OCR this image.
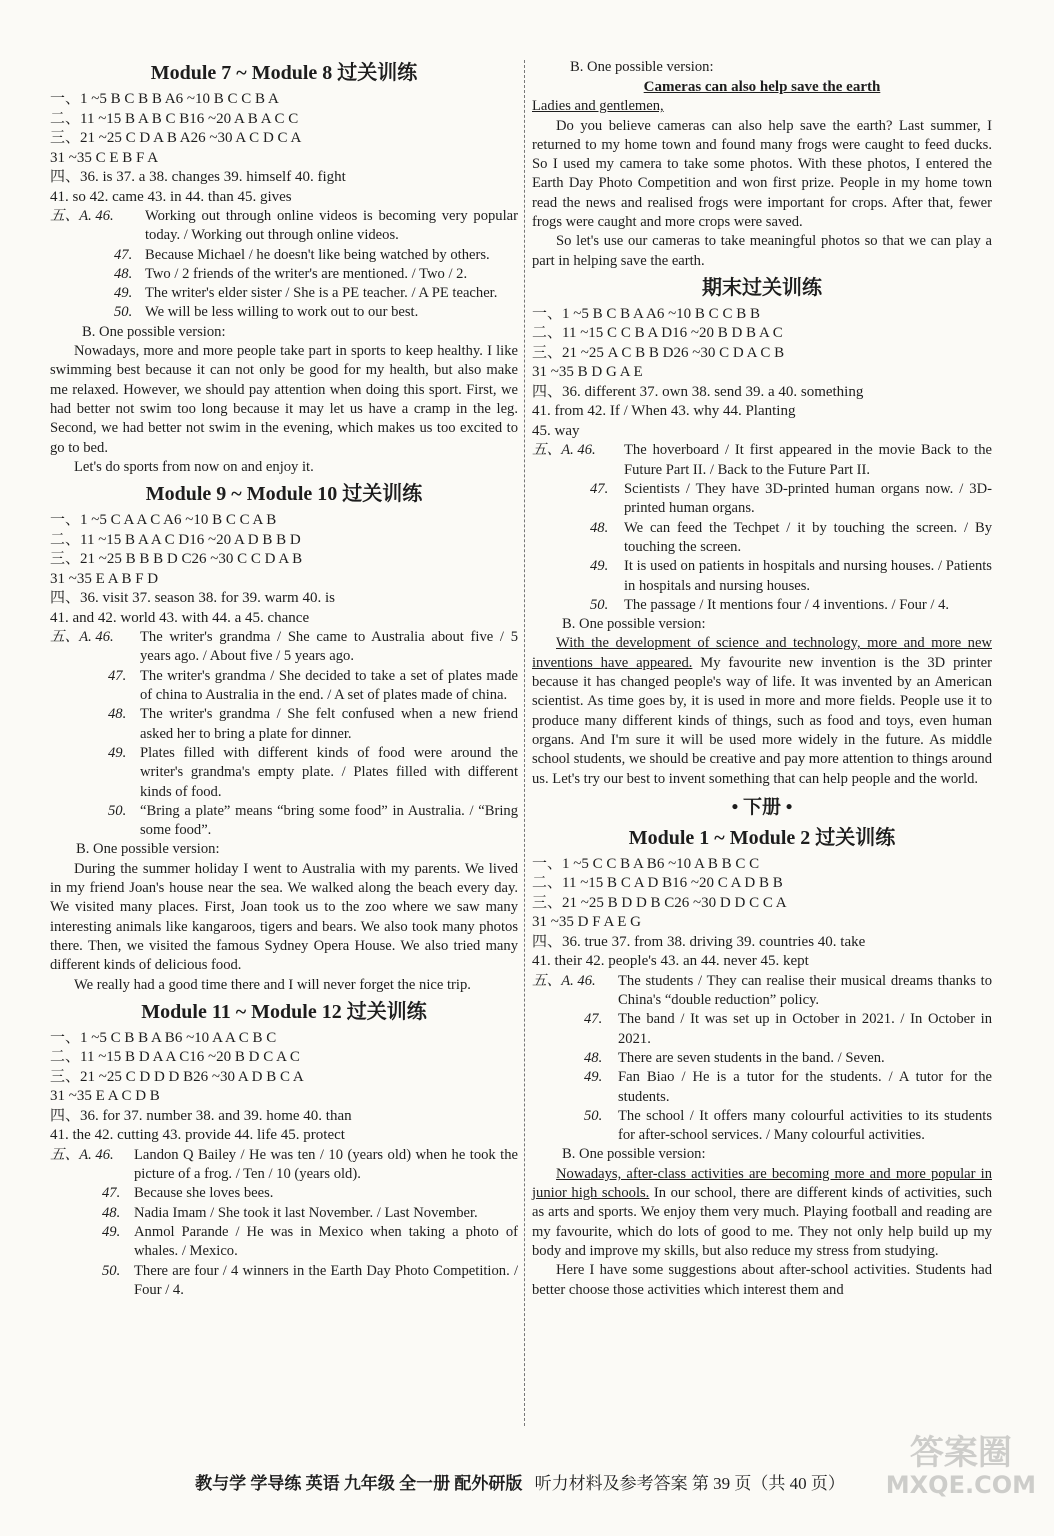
Module 7 ~ Module 8 过关训练
一、1 ~5 B C B B A6 ~10 B C C B A
二、11 ~15 B A B C B16 ~20 A B A C C
三、21 ~25 C D A B A26 ~30 A C D C A
31 ~35 C E B F A
四、36. is 37. a 38. changes 39. himself 40. fight
41. so 42. came 43. in 44. than 45. gives
五、A. 46.	Working out through online videos is becoming very popular today. / Working out through online videos.
47. Because Michael / he doesn't like being watched by others.
48. Two / 2 friends of the writer's are mentioned. / Two / 2.
49. The writer's elder sister / She is a PE teacher. / A PE teacher.
50. We will be less willing to work out to our best.

B. One possible version:

Nowadays, more and more people take part in sports to keep healthy. I like swimming best because it can not only be good for my health, but also make me relaxed. However, we should pay attention when doing this sport. First, we had better not swim too long because it may let us have a cramp in the leg. Second, we had better not swim in the evening, which makes us too excited to go to bed.

Let's do sports from now on and enjoy it.

Module 9 ~ Module 10 过关训练
一、1 ~5 C A A C A6 ~10 B C C A B
二、11 ~15 B A A C D16 ~20 A D B B D
三、21 ~25 B B B D C26 ~30 C C D A B
31 ~35 E A B F D
四、36. visit 37. season 38. for 39. warm 40. is
41. and 42. world 43. with 44. a 45. chance
五、A. 46.	The writer's grandma / She came to Australia about five / 5 years ago. / About five / 5 years ago.
47. The writer's grandma / She decided to take a set of plates made of china to Australia in the end. / A set of plates made of china.
48. The writer's grandma / She felt confused when a new friend asked her to bring a plate for dinner.
49. Plates filled with different kinds of food were around the writer's grandma's empty plate. / Plates filled with different kinds of food.
50. “Bring a plate” means “bring some food” in Australia. / “Bring some food”.

B. One possible version:

During the summer holiday I went to Australia with my parents. We lived in my friend Joan's house near the sea. We walked along the beach every day. We visited many places. First, Joan took us to the zoo where we saw many interesting animals like kangaroos, tigers and bears. We also took many photos there. Then, we visited the famous Sydney Opera House. We also tried many different kinds of delicious food.

We really had a good time there and I will never forget the nice trip.

Module 11 ~ Module 12 过关训练
一、1 ~5 C B B A B6 ~10 A A C B C
二、11 ~15 B D A A C16 ~20 B D C A C
三、21 ~25 C D D D B26 ~30 A D B C A
31 ~35 E A C D B
四、36. for 37. number 38. and 39. home 40. than
41. the 42. cutting 43. provide 44. life 45. protect
五、A. 46.	Landon Q Bailey / He was ten / 10 (years old) when he took the picture of a frog. / Ten / 10 (years old).
47. Because she loves bees.
48. Nadia Imam / She took it last November. / Last November.
49. Anmol Parande / He was in Mexico when taking a photo of whales. / Mexico.
50. There are four / 4 winners in the Earth Day Photo Competition. / Four / 4.

B. One possible version:

Cameras can also help save the earth

Ladies and gentlemen,

Do you believe cameras can also help save the earth? Last summer, I returned to my home town and found many frogs were caught to feed ducks. So I used my camera to take some photos. With these photos, I entered the Earth Day Photo Competition and won first prize. People in my home town read the news and realised frogs were important for crops. After that, fewer frogs were caught and more crops were saved.

So let's use our cameras to take meaningful photos so that we can play a part in helping save the earth.

期末过关训练
一、1 ~5 B C B A A6 ~10 B C C B B
二、11 ~15 C C B A D16 ~20 B D B A C
三、21 ~25 A C B B D26 ~30 C D A C B
31 ~35 B D G A E
四、36. different 37. own 38. send 39. a 40. something
41. from 42. If / When 43. why 44. Planting
45. way
五、A. 46.	The hoverboard / It first appeared in the movie Back to the Future Part II. / Back to the Future Part II.
47.	Scientists / They have 3D-printed human organs now. / 3D-printed human organs.
48.	We can feed the Techpet / it by touching the screen. / By touching the screen.
49.	It is used on patients in hospitals and nursing houses. / Patients in hospitals and nursing houses.
50.	The passage / It mentions four / 4 inventions. / Four / 4.

B. One possible version:

With the development of science and technology, more and more new inventions have appeared. My favourite new invention is the 3D printer because it has changed people's way of life. It was invented by an American scientist. As time goes by, it is used in more and more fields. People use it to produce many different kinds of things, such as food and toys, even human organs. And I'm sure it will be used more widely in the future. As middle school students, we should be creative and pay more attention to things around us. Let's try our best to invent something that can help people and the world.

• 下册 •
Module 1 ~ Module 2 过关训练
一、1 ~5 C C B A B6 ~10 A B B C C
二、11 ~15 B C A D B16 ~20 C A D B B
三、21 ~25 B D D B C26 ~30 D D C C A
31 ~35 D F A E G
四、36. true 37. from 38. driving 39. countries 40. take
41. their 42. people's 43. an 44. never 45. kept
五、A. 46.	The students / They can realise their musical dreams thanks to China's “double reduction” policy.
47.	The band / It was set up in October in 2021. / In October in 2021.
48.	There are seven students in the band. / Seven.
49.	Fan Biao / He is a tutor for the students. / A tutor for the students.
50.	The school / It offers many colourful activities to its students for after-school services. / Many colourful activities.

B. One possible version:

Nowadays, after-class activities are becoming more and more popular in junior high schools. In our school, there are different kinds of activities, such as arts and sports. We enjoy them very much. Playing football and reading are my favourite, which do lots of good to me. They not only help build up my body and improve my skills, but also reduce my stress from studying.

Here I have some suggestions about after-school activities. Students had better choose those activities which interest them and

教与学 学导练 英语 九年级 全一册 配外研版 听力材料及参考答案 第 39 页（共 40 页）
答案圈
MXQE.COM
